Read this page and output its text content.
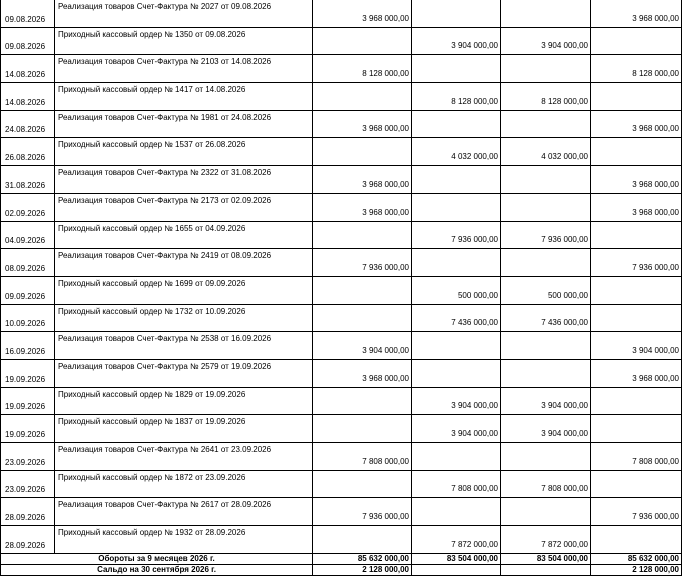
09.08.2026	Реализация товаров Счет-Фактура № 2027 от 09.08.2026	3 968 000,00			3 968 000,00
09.08.2026	Приходный кассовый ордер № 1350 от 09.08.2026		3 904 000,00	3 904 000,00	
14.08.2026	Реализация товаров Счет-Фактура № 2103 от 14.08.2026	8 128 000,00			8 128 000,00
14.08.2026	Приходный кассовый ордер № 1417 от 14.08.2026		8 128 000,00	8 128 000,00	
24.08.2026	Реализация товаров Счет-Фактура № 1981 от 24.08.2026	3 968 000,00			3 968 000,00
26.08.2026	Приходный кассовый ордер № 1537 от 26.08.2026		4 032 000,00	4 032 000,00	
31.08.2026	Реализация товаров Счет-Фактура № 2322 от 31.08.2026	3 968 000,00			3 968 000,00
02.09.2026	Реализация товаров Счет-Фактура № 2173 от 02.09.2026	3 968 000,00			3 968 000,00
04.09.2026	Приходный кассовый ордер № 1655 от 04.09.2026		7 936 000,00	7 936 000,00	
08.09.2026	Реализация товаров Счет-Фактура № 2419 от 08.09.2026	7 936 000,00			7 936 000,00
09.09.2026	Приходный кассовый ордер № 1699 от 09.09.2026		500 000,00	500 000,00	
10.09.2026	Приходный кассовый ордер № 1732 от 10.09.2026		7 436 000,00	7 436 000,00	
16.09.2026	Реализация товаров Счет-Фактура № 2538 от 16.09.2026	3 904 000,00			3 904 000,00
19.09.2026	Реализация товаров Счет-Фактура № 2579 от 19.09.2026	3 968 000,00			3 968 000,00
19.09.2026	Приходный кассовый ордер № 1829 от 19.09.2026		3 904 000,00	3 904 000,00	
19.09.2026	Приходный кассовый ордер № 1837 от 19.09.2026		3 904 000,00	3 904 000,00	
23.09.2026	Реализация товаров Счет-Фактура № 2641 от 23.09.2026	7 808 000,00			7 808 000,00
23.09.2026	Приходный кассовый ордер № 1872 от 23.09.2026		7 808 000,00	7 808 000,00	
28.09.2026	Реализация товаров Счет-Фактура № 2617 от 28.09.2026	7 936 000,00			7 936 000,00
28.09.2026	Приходный кассовый ордер № 1932 от 28.09.2026		7 872 000,00	7 872 000,00	
Обороты за 9 месяцев 2026 г.		85 632 000,00	83 504 000,00	83 504 000,00	85 632 000,00
Сальдо на 30 сентября 2026 г.		2 128 000,00			2 128 000,00
